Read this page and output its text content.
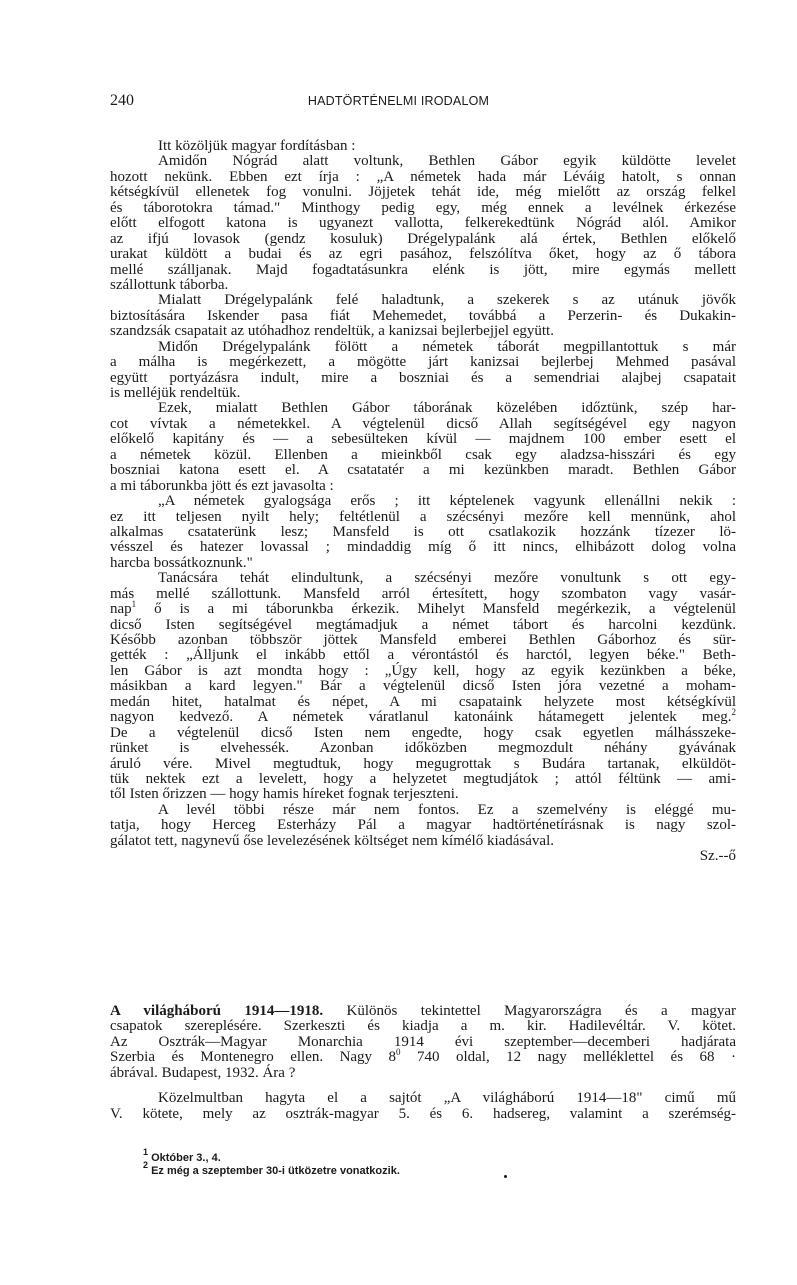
240	HADTÖRTÉNELMI IRODALOM
Itt közöljük magyar fordításban :
Amidőn Nógrád alatt voltunk, Bethlen Gábor egyik küldötte levelet
hozott nekünk. Ebben ezt írja : „A németek hada már Léváig hatolt, s onnan
kétségkívül ellenetek fog vonulni. Jöjjetek tehát ide, még mielőtt az ország felkel
és táborotokra támad." Minthogy pedig egy, még ennek a levélnek érkezése
előtt elfogott katona is ugyanezt vallotta, felkerekedtünk Nógrád alól. Amikor
az ifjú lovasok (gendz kosuluk) Drégelypalánk alá értek, Bethlen előkelő
urakat küldött a budai és az egri pasához, felszólítva őket, hogy az ő tábora
mellé szálljanak. Majd fogadtatásunkra elénk is jött, mire egymás mellett
szállottunk táborba.
Mialatt Drégelypalánk felé haladtunk, a szekerek s az utánuk jövők
biztosítására Iskender pasa fiát Mehemedet, továbbá a Perzerin- és Dukakin-
szandzsák csapatait az utóhadhoz rendeltük, a kanizsai bejlerbejjel együtt.
Midőn Drégelypalánk fölött a németek táborát megpillantottuk s már
a málha is megérkezett, a mögötte járt kanizsai bejlerbej Mehmed pasával
együtt portyázásra indult, mire a boszniai és a semendriai alajbej csapatait
is melléjük rendeltük.
Ezek, mialatt Bethlen Gábor táborának közelében időztünk, szép har-
cot vívtak a németekkel. A végtelenül dicső Allah segítségével egy nagyon
előkelő kapitány és — a sebesülteken kívül — majdnem 100 ember esett el
a németek közül. Ellenben a mieinkből csak egy aladzsa-hisszári és egy
boszniai katona esett el. A csatatatér a mi kezünkben maradt. Bethlen Gábor
a mi táborunkba jött és ezt javasolta :
„A németek gyalogsága erős ; itt képtelenek vagyunk ellenállni nekik :
ez itt teljesen nyilt hely; feltétlenül a szécsényi mezőre kell mennünk, ahol
alkalmas csataterünk lesz; Mansfeld is ott csatlakozik hozzánk tízezer lö-
vésszel és hatezer lovassal ; mindaddig míg ő itt nincs, elhibázott dolog volna
harcba bossátkoznunk."
Tanácsára tehát elindultunk, a szécsényi mezőre vonultunk s ott egy-
más mellé szállottunk. Mansfeld arról értesített, hogy szombaton vagy vasár-
nap$^1$ ő is a mi táborunkba érkezik. Mihelyt Mansfeld megérkezik, a végtelenül
dicső Isten segítségével megtámadjuk a német tábort és harcolni kezdünk.
Később azonban többször jöttek Mansfeld emberei Bethlen Gáborhoz és sür-
gették : „Álljunk el inkább ettől a vérontástól és harctól, legyen béke." Beth-
len Gábor is azt mondta hogy : „Úgy kell, hogy az egyik kezünkben a béke,
másikban a kard legyen." Bár a végtelenül dicső Isten jóra vezetné a moham-
medán hitet, hatalmat és népet, A mi csapataink helyzete most kétségkívül
nagyon kedvező. A németek váratlanul katonáink hátamegett jelentek meg.$^2$
De a végtelenül dicső Isten nem engedte, hogy csak egyetlen málhásszeke-
rünket is elvehessék. Azonban időközben megmozdult néhány gyávának
áruló vére. Mivel megtudtuk, hogy megugrottak s Budára tartanak, elküldöt-
tük nektek ezt a levelett, hogy a helyzetet megtudjátok ; attól féltünk — ami-
től Isten őrizzen — hogy hamis híreket fognak terjeszteni.
A levél többi része már nem fontos. Ez a szemelvény is eléggé mu-
tatja, hogy Herceg Esterházy Pál a magyar hadtörténetírásnak is nagy szol-
gálatot tett, nagynevű őse levelezésének költséget nem kímélő kiadásával.
Sz.--ő
A világháború 1914—1918. Különös tekintettel Magyarországra és a magyar
csapatok szereplésére. Szerkeszti és kiadja a m. kir. Hadilevéltár. V. kötet.
Az Osztrák—Magyar Monarchia 1914 évi szeptember—decemberi hadjárata
Szerbia és Montenegro ellen. Nagy $8^0$ 740 oldal, 12 nagy melléklettel és 68 ·
ábrával. Budapest, 1932. Ára ?
Közelmultban hagyta el a sajtót „A világháború 1914—18" cimű mű
V. kötete, mely az osztrák-magyar 5. és 6. hadsereg, valamint a szerémség-
$^1$ Október 3., 4.
$^2$ Ez még a szeptember 30-i ütközetre vonatkozik.
